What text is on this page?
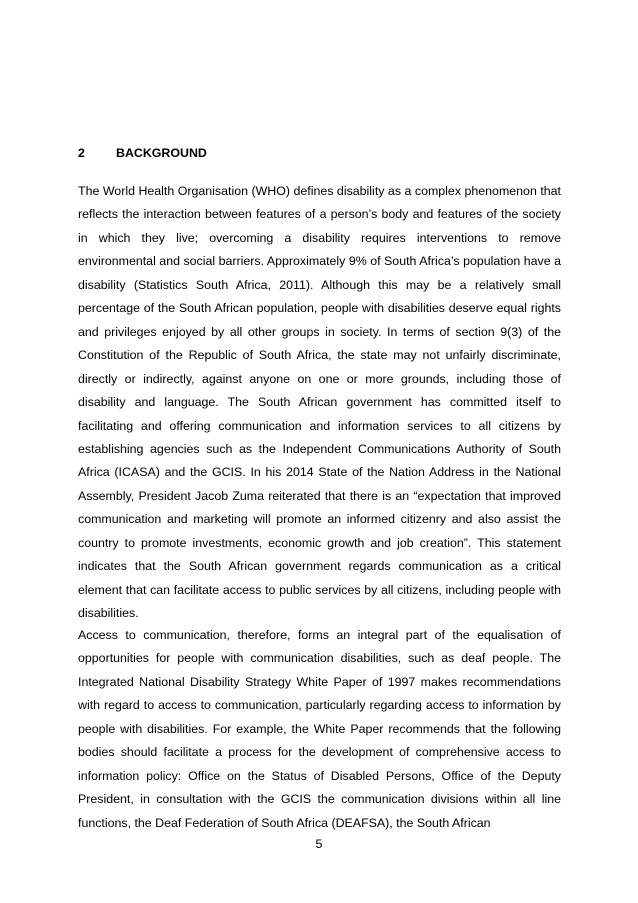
2	BACKGROUND

The World Health Organisation (WHO) defines disability as a complex phenomenon that reflects the interaction between features of a person’s body and features of the society in which they live; overcoming a disability requires interventions to remove environmental and social barriers. Approximately 9% of South Africa’s population have a disability (Statistics South Africa, 2011). Although this may be a relatively small percentage of the South African population, people with disabilities deserve equal rights and privileges enjoyed by all other groups in society. In terms of section 9(3) of the Constitution of the Republic of South Africa, the state may not unfairly discriminate, directly or indirectly, against anyone on one or more grounds, including those of disability and language. The South African government has committed itself to facilitating and offering communication and information services to all citizens by establishing agencies such as the Independent Communications Authority of South Africa (ICASA) and the GCIS. In his 2014 State of the Nation Address in the National Assembly, President Jacob Zuma reiterated that there is an “expectation that improved communication and marketing will promote an informed citizenry and also assist the country to promote investments, economic growth and job creation”. This statement indicates that the South African government regards communication as a critical element that can facilitate access to public services by all citizens, including people with disabilities.

Access to communication, therefore, forms an integral part of the equalisation of opportunities for people with communication disabilities, such as deaf people. The Integrated National Disability Strategy White Paper of 1997 makes recommendations with regard to access to communication, particularly regarding access to information by people with disabilities. For example, the White Paper recommends that the following bodies should facilitate a process for the development of comprehensive access to information policy: Office on the Status of Disabled Persons, Office of the Deputy President, in consultation with the GCIS the communication divisions within all line functions, the Deaf Federation of South Africa (DEAFSA), the South African

5
